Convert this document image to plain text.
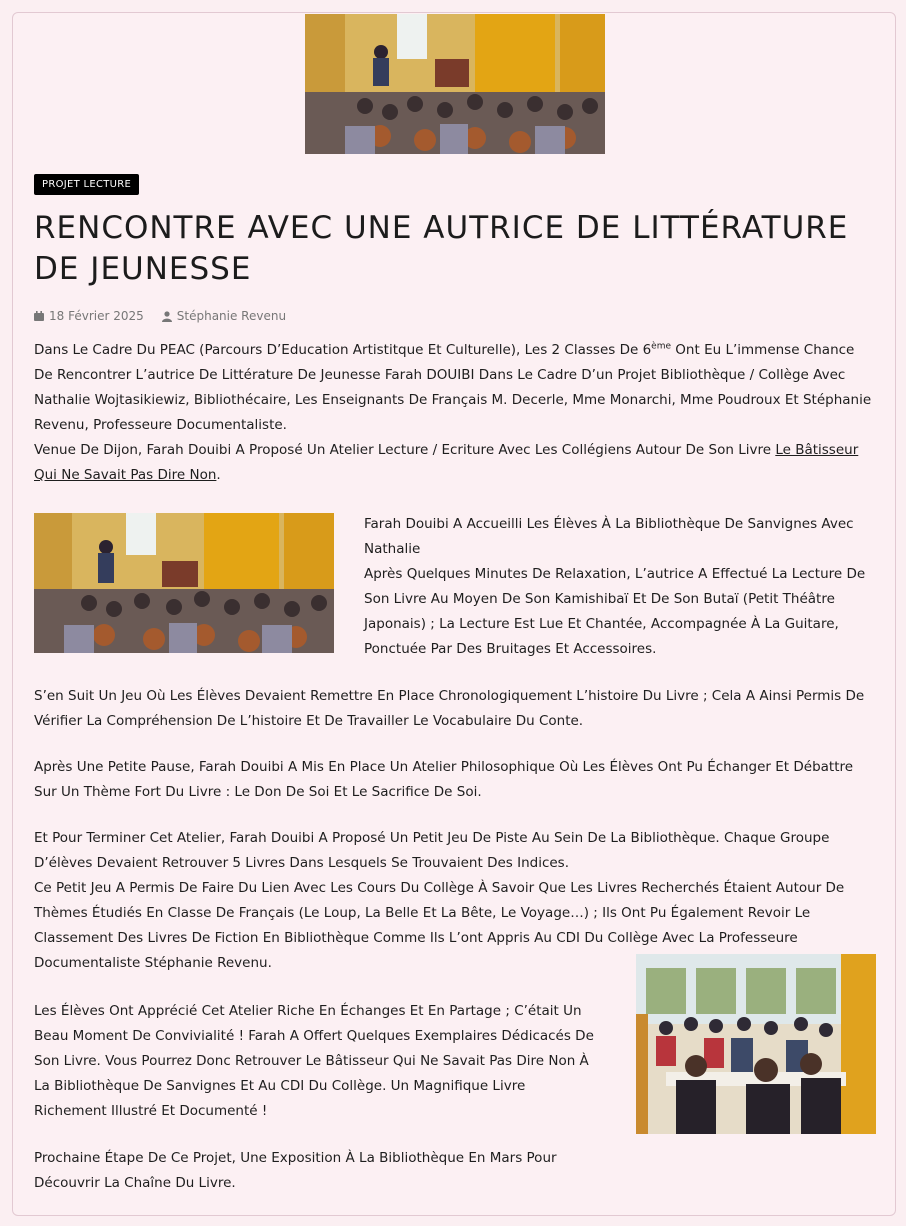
PROJET LECTURE
RENCONTRE AVEC UNE AUTRICE DE LITTÉRATURE DE JEUNESSE
18 Février 2025	Stéphanie Revenu

Dans Le Cadre Du PEAC (Parcours D’Education Artistitque Et Culturelle), Les 2 Classes De 6ème Ont Eu L’immense Chance De Rencontrer L’autrice De Littérature De Jeunesse Farah DOUIBI Dans Le Cadre D’un Projet Bibliothèque / Collège Avec Nathalie Wojtasikiewiz, Bibliothécaire, Les Enseignants De Français M. Decerle, Mme Monarchi, Mme Poudroux Et Stéphanie Revenu, Professeure Documentaliste.

Venue De Dijon, Farah Douibi A Proposé Un Atelier Lecture / Ecriture Avec Les Collégiens Autour De Son Livre Le Bâtisseur Qui Ne Savait Pas Dire Non.

Farah Douibi A Accueilli Les Élèves À La Bibliothèque De Sanvignes Avec Nathalie

Après Quelques Minutes De Relaxation, L’autrice A Effectué La Lecture De Son Livre Au Moyen De Son Kamishibaï Et De Son Butaï (Petit Théâtre Japonais) ; La Lecture Est Lue Et Chantée, Accompagnée À La Guitare, Ponctuée Par Des Bruitages Et Accessoires.

S’en Suit Un Jeu Où Les Élèves Devaient Remettre En Place Chronologiquement L’histoire Du Livre ; Cela A Ainsi Permis De Vérifier La Compréhension De L’histoire Et De Travailler Le Vocabulaire Du Conte.

Après Une Petite Pause, Farah Douibi A Mis En Place Un Atelier Philosophique Où Les Élèves Ont Pu Échanger Et Débattre Sur Un Thème Fort Du Livre : Le Don De Soi Et Le Sacrifice De Soi.

Et Pour Terminer Cet Atelier, Farah Douibi A Proposé Un Petit Jeu De Piste Au Sein De La Bibliothèque. Chaque Groupe D’élèves Devaient Retrouver 5 Livres Dans Lesquels Se Trouvaient Des Indices.

Ce Petit Jeu A Permis De Faire Du Lien Avec Les Cours Du Collège À Savoir Que Les Livres Recherchés Étaient Autour De Thèmes Étudiés En Classe De Français (Le Loup, La Belle Et La Bête, Le Voyage…) ; Ils Ont Pu Également Revoir Le Classement Des Livres De Fiction En Bibliothèque Comme Ils L’ont Appris Au CDI Du Collège Avec La Professeure Documentaliste Stéphanie Revenu.

Les Élèves Ont Apprécié Cet Atelier Riche En Échanges Et En Partage ; C’était Un Beau Moment De Convivialité ! Farah A Offert Quelques Exemplaires Dédicacés De Son Livre. Vous Pourrez Donc Retrouver Le Bâtisseur Qui Ne Savait Pas Dire Non À La Bibliothèque De Sanvignes Et Au CDI Du Collège. Un Magnifique Livre Richement Illustré Et Documenté !

Prochaine Étape De Ce Projet, Une Exposition À La Bibliothèque En Mars Pour Découvrir La Chaîne Du Livre.
